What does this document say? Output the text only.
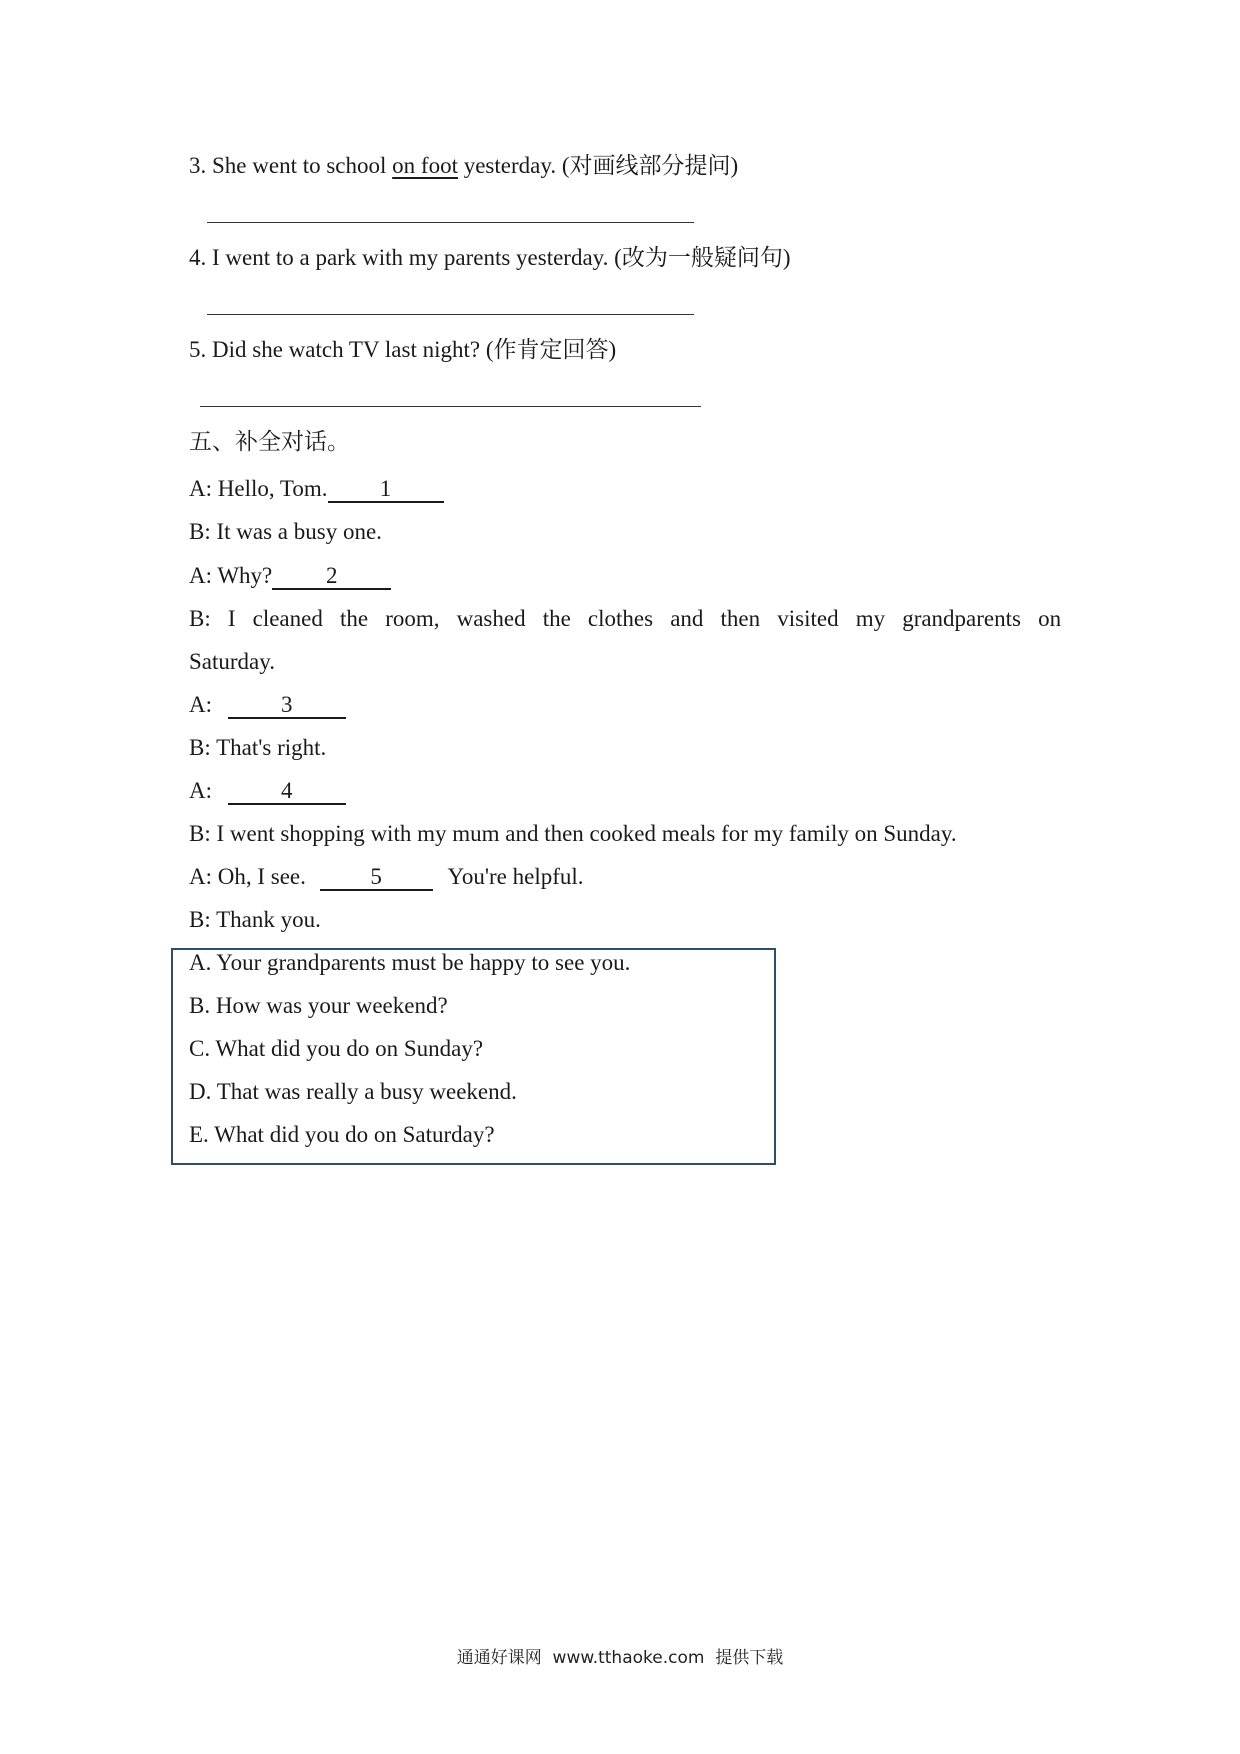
3. She went to school on foot yesterday. (对画线部分提问)
4. I went to a park with my parents yesterday. (改为一般疑问句)
5. Did she watch TV last night? (作肯定回答)
五、补全对话。
A: Hello, Tom. 1
B: It was a busy one.
A: Why? 2
B: I cleaned the room, washed the clothes and then visited my grandparents on
Saturday.
A:	3
B: That's right.
A:	4
B: I went shopping with my mum and then cooked meals for my family on Sunday.
A: Oh, I see.	5	You're helpful.
B: Thank you.
A. Your grandparents must be happy to see you.
B. How was your weekend?
C. What did you do on Sunday?
D. That was really a busy weekend.
E. What did you do on Saturday?
通通好课网  www.tthaoke.com  提供下载
